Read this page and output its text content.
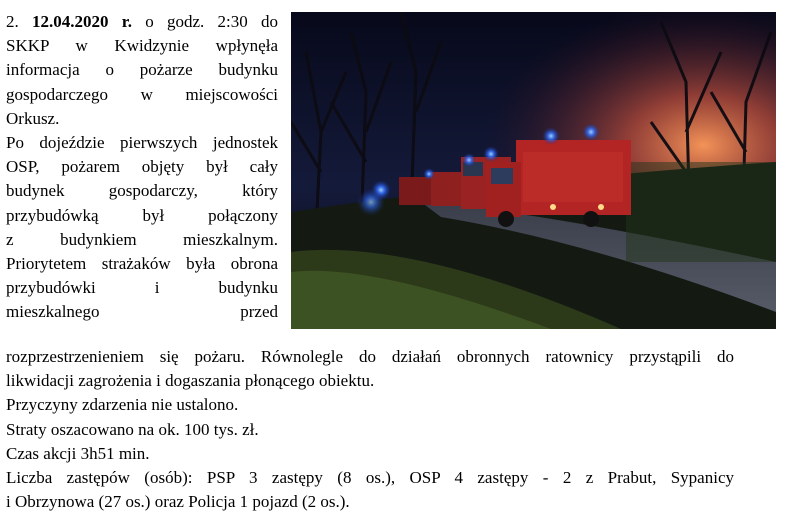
2. 12.04.2020 r. o godz. 2:30 do
SKKP w Kwidzynie wpłynęła
informacja o pożarze budynku
gospodarczego w miejscowości
Orkusz.
Po dojeździe pierwszych jednostek
OSP, pożarem objęty był cały
budynek gospodarczy, który
przybudówką był połączony
z budynkiem mieszkalnym.
Priorytetem strażaków była obrona
przybudówki i budynku
mieszkalnego przed
rozprzestrzenieniem się pożaru. Równolegle do działań obronnych ratownicy przystąpili do
likwidacji zagrożenia i dogaszania płonącego obiektu.
Przyczyny zdarzenia nie ustalono.
Straty oszacowano na ok. 100 tys. zł.
Czas akcji 3h51 min.
Liczba zastępów (osób): PSP 3 zastępy (8 os.), OSP 4 zastępy - 2 z Prabut, Sypanicy
i Obrzynowa (27 os.) oraz Policja 1 pojazd (2 os.).
